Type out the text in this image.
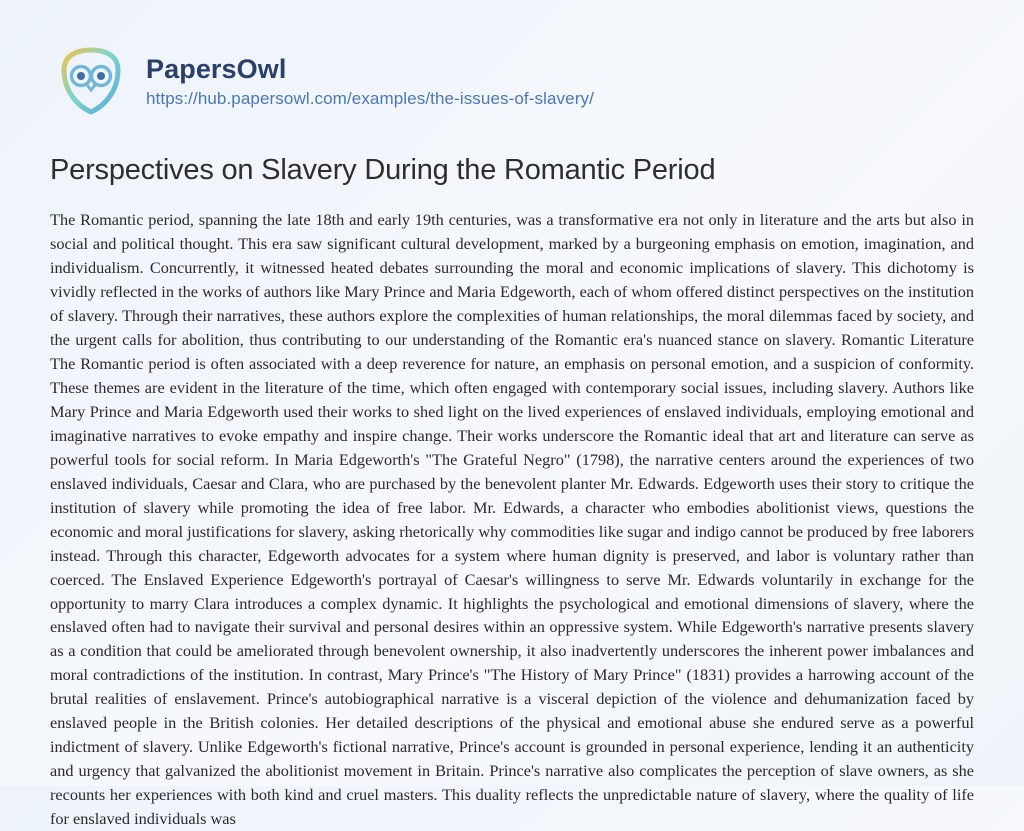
PapersOwl
https://hub.papersowl.com/examples/the-issues-of-slavery/
Perspectives on Slavery During the Romantic Period

The Romantic period, spanning the late 18th and early 19th centuries, was a transformative era not only in literature and the arts but also in social and political thought. This era saw significant cultural development, marked by a burgeoning emphasis on emotion, imagination, and individualism. Concurrently, it witnessed heated debates surrounding the moral and economic implications of slavery. This dichotomy is vividly reflected in the works of authors like Mary Prince and Maria Edgeworth, each of whom offered distinct perspectives on the institution of slavery. Through their narratives, these authors explore the complexities of human relationships, the moral dilemmas faced by society, and the urgent calls for abolition, thus contributing to our understanding of the Romantic era's nuanced stance on slavery. Romantic Literature The Romantic period is often associated with a deep reverence for nature, an emphasis on personal emotion, and a suspicion of conformity. These themes are evident in the literature of the time, which often engaged with contemporary social issues, including slavery. Authors like Mary Prince and Maria Edgeworth used their works to shed light on the lived experiences of enslaved individuals, employing emotional and imaginative narratives to evoke empathy and inspire change. Their works underscore the Romantic ideal that art and literature can serve as powerful tools for social reform. In Maria Edgeworth's "The Grateful Negro" (1798), the narrative centers around the experiences of two enslaved individuals, Caesar and Clara, who are purchased by the benevolent planter Mr. Edwards. Edgeworth uses their story to critique the institution of slavery while promoting the idea of free labor. Mr. Edwards, a character who embodies abolitionist views, questions the economic and moral justifications for slavery, asking rhetorically why commodities like sugar and indigo cannot be produced by free laborers instead. Through this character, Edgeworth advocates for a system where human dignity is preserved, and labor is voluntary rather than coerced. The Enslaved Experience Edgeworth's portrayal of Caesar's willingness to serve Mr. Edwards voluntarily in exchange for the opportunity to marry Clara introduces a complex dynamic. It highlights the psychological and emotional dimensions of slavery, where the enslaved often had to navigate their survival and personal desires within an oppressive system. While Edgeworth's narrative presents slavery as a condition that could be ameliorated through benevolent ownership, it also inadvertently underscores the inherent power imbalances and moral contradictions of the institution. In contrast, Mary Prince's "The History of Mary Prince" (1831) provides a harrowing account of the brutal realities of enslavement. Prince's autobiographical narrative is a visceral depiction of the violence and dehumanization faced by enslaved people in the British colonies. Her detailed descriptions of the physical and emotional abuse she endured serve as a powerful indictment of slavery. Unlike Edgeworth's fictional narrative, Prince's account is grounded in personal experience, lending it an authenticity and urgency that galvanized the abolitionist movement in Britain. Prince's narrative also complicates the perception of slave owners, as she recounts her experiences with both kind and cruel masters. This duality reflects the unpredictable nature of slavery, where the quality of life for enslaved individuals was
